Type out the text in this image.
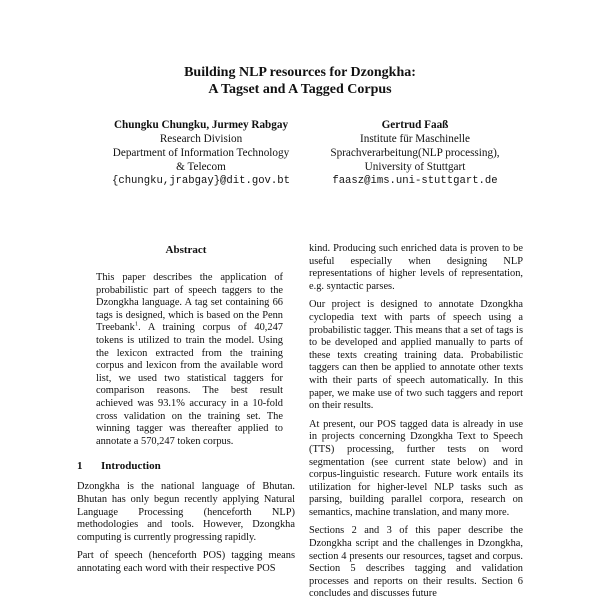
Building NLP resources for Dzongkha:
A Tagset and A Tagged Corpus
Chungku Chungku, Jurmey Rabgay
Research Division
Department of Information Technology
& Telecom
{chungku,jrabgay}@dit.gov.bt
Gertrud Faaß
Institute für Maschinelle
Sprachverarbeitung(NLP processing),
University of Stuttgart
faasz@ims.uni-stuttgart.de
Abstract
This paper describes the application of probabilistic part of speech taggers to the Dzongkha language. A tag set containing 66 tags is designed, which is based on the Penn Treebank$^1$. A training corpus of 40,247 tokens is utilized to train the model. Using the lexicon extracted from the training corpus and lexicon from the available word list, we used two statistical taggers for comparison reasons. The best result achieved was 93.1% accuracy in a 10-fold cross validation on the training set. The winning tagger was thereafter applied to annotate a 570,247 token corpus.
1 Introduction

Dzongkha is the national language of Bhutan. Bhutan has only begun recently applying Natural Language Processing (henceforth NLP) methodologies and tools. However, Dzongkha computing is currently progressing rapidly.

Part of speech (henceforth POS) tagging means annotating each word with their respective POS

kind. Producing such enriched data is proven to be useful especially when designing NLP representations of higher levels of representation, e.g. syntactic parses.

Our project is designed to annotate Dzongkha cyclopedia text with parts of speech using a probabilistic tagger. This means that a set of tags is to be developed and applied manually to parts of these texts creating training data. Probabilistic taggers can then be applied to annotate other texts with their parts of speech automatically. In this paper, we make use of two such taggers and report on their results.

At present, our POS tagged data is already in use in projects concerning Dzongkha Text to Speech (TTS) processing, further tests on word segmentation (see current state below) and in corpus-linguistic research. Future work entails its utilization for higher-level NLP tasks such as parsing, building parallel corpora, research on semantics, machine translation, and many more.

Sections 2 and 3 of this paper describe the Dzongkha script and the challenges in Dzongkha, section 4 presents our resources, tagset and corpus. Section 5 describes tagging and validation processes and reports on their results. Section 6 concludes and discusses future
